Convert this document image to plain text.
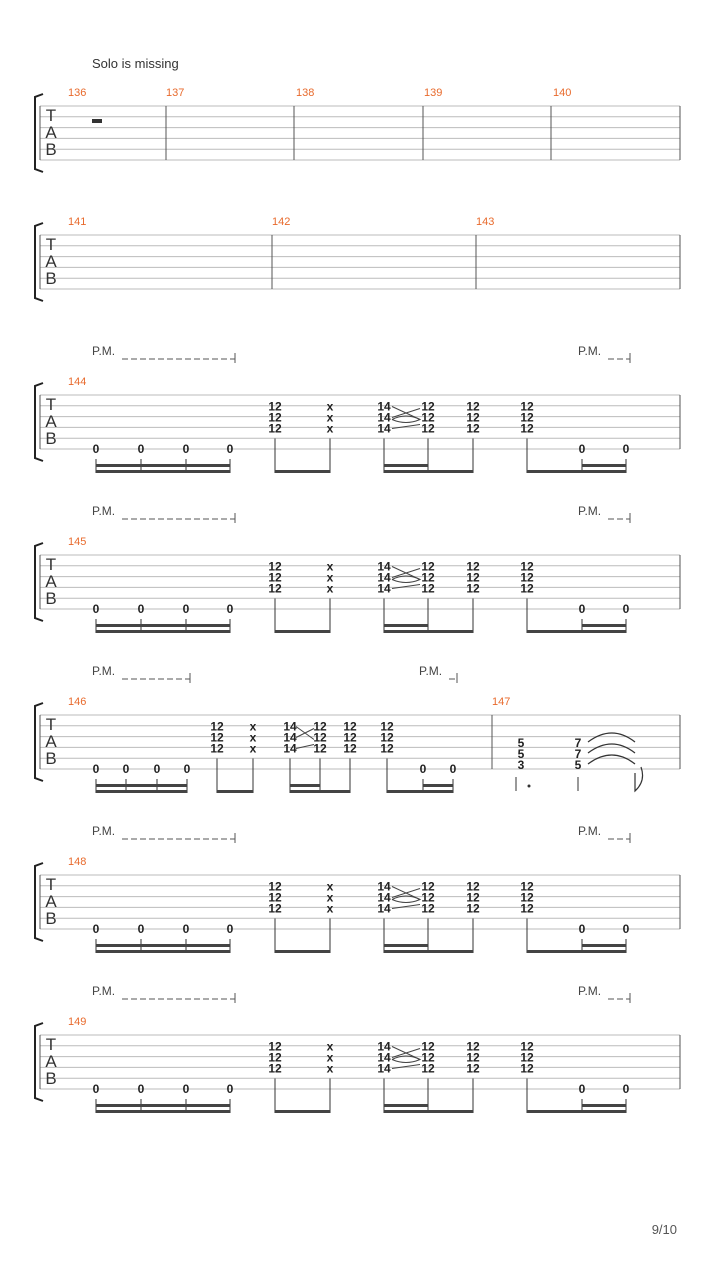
Solo is missing
T
A
B
136	137	138	139	140
T
A
B
141	142	143
T
A
B
144
0	0	0	0
12
12
12
x
x
x
14
14
14
12
12
12
12
12
12
12
12
12
0	0
P.M.	P.M.
T
A
B
145
0	0	0	0
12
12
12
x
x
x
14
14
14
12
12
12
12
12
12
12
12
12
0	0
P.M.	P.M.
T
A
B
148
0	0	0	0
12
12
12
x
x
x
14
14
14
12
12
12
12
12
12
12
12
12
0	0
P.M.	P.M.
T
A
B
149
0	0	0	0
12
12
12
x
x
x
14
14
14
12
12
12
12
12
12
12
12
12
0	0
P.M.	P.M.
T
A
B
146	147
0 0 0 0
12
12
12
x
x
x
14
14
14
12
12
12
12
12
12
12
12
12
0 0
P.M.	P.M.
5
5
3
7
7
5
9/10
